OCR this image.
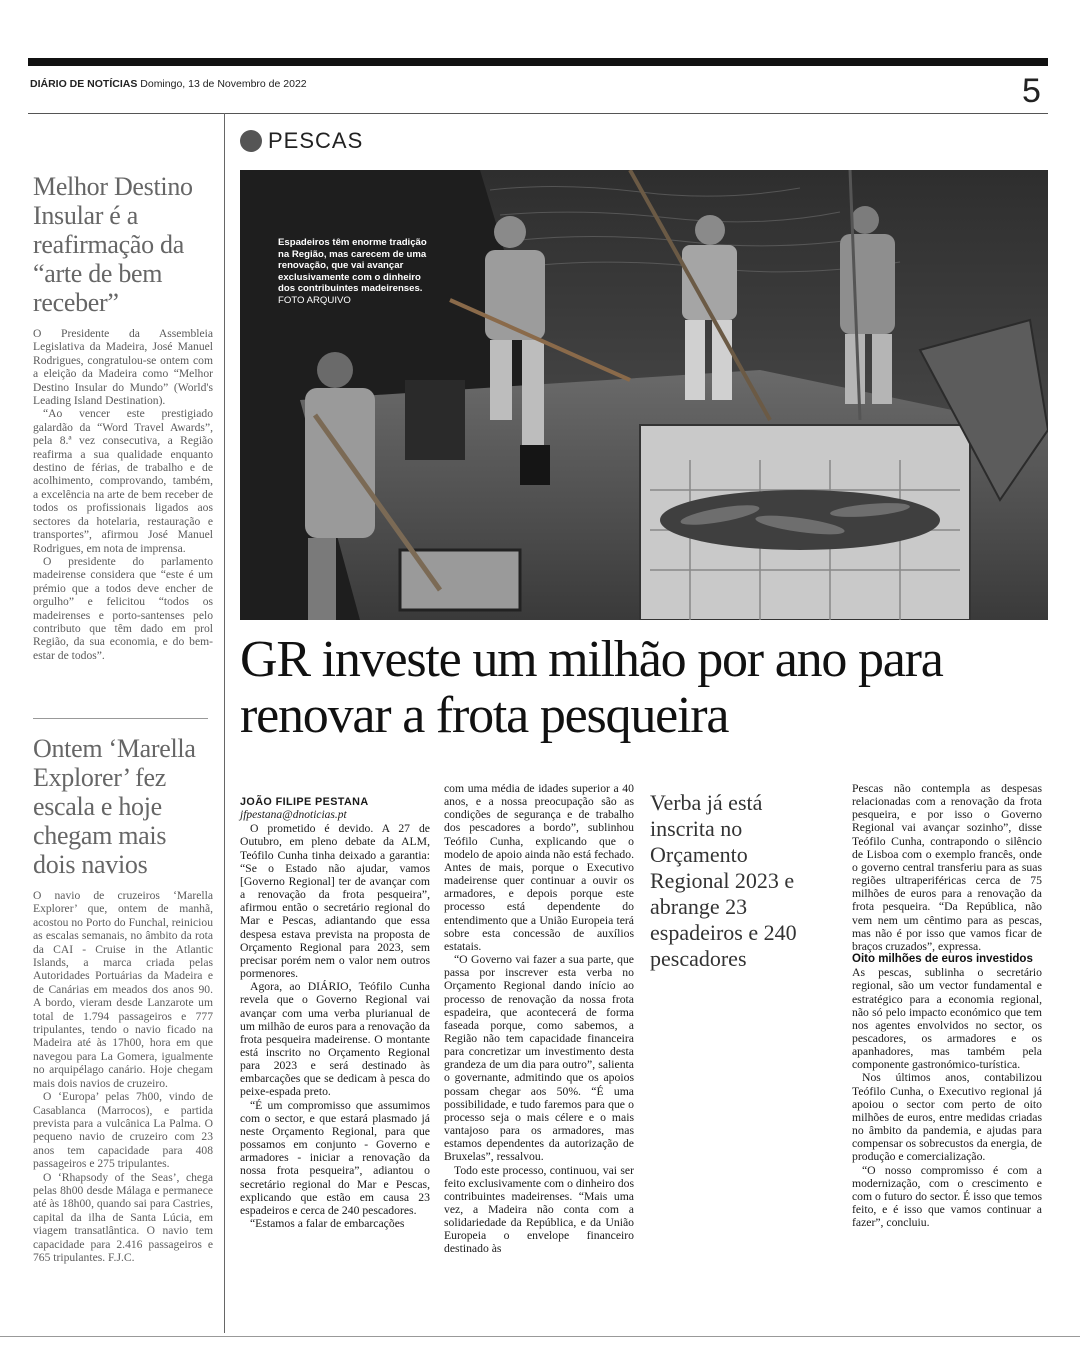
DIÁRIO DE NOTÍCIAS Domingo, 13 de Novembro de 2022	5
Melhor Destino Insular é a reafirmação da “arte de bem receber”

O Presidente da Assembleia Legislativa da Madeira, José Manuel Rodrigues, congratulou-se ontem com a eleição da Madeira como “Melhor Destino Insular do Mundo” (World's Leading Island Destination).

“Ao vencer este prestigiado galardão da “Word Travel Awards”, pela 8.ª vez consecutiva, a Região reafirma a sua qualidade enquanto destino de férias, de trabalho e de acolhimento, comprovando, também, a excelência na arte de bem receber de todos os profissionais ligados aos sectores da hotelaria, restauração e transportes”, afirmou José Manuel Rodrigues, em nota de imprensa.

O presidente do parlamento madeirense considera que “este é um prémio que a todos deve encher de orgulho” e felicitou “todos os madeirenses e porto-santenses pelo contributo que têm dado em prol Região, da sua economia, e do bem-estar de todos”.

Ontem ‘Marella Explorer’ fez escala e hoje chegam mais dois navios

O navio de cruzeiros ‘Marella Explorer’ que, ontem de manhã, acostou no Porto do Funchal, reiniciou as escalas semanais, no âmbito da rota da CAI - Cruise in the Atlantic Islands, a marca criada pelas Autoridades Portuárias da Madeira e de Canárias em meados dos anos 90. A bordo, vieram desde Lanzarote um total de 1.794 passageiros e 777 tripulantes, tendo o navio ficado na Madeira até às 17h00, hora em que navegou para La Gomera, igualmente no arquipélago canário. Hoje chegam mais dois navios de cruzeiro.

O ‘Europa’ pelas 7h00, vindo de Casablanca (Marrocos), e partida prevista para a vulcânica La Palma. O pequeno navio de cruzeiro com 23 anos tem capacidade para 408 passageiros e 275 tripulantes.

O ‘Rhapsody of the Seas’, chega pelas 8h00 desde Málaga e permanece até às 18h00, quando sai para Castries, capital da ilha de Santa Lúcia, em viagem transatlântica. O navio tem capacidade para 2.416 passageiros e 765 tripulantes. F.J.C.

PESCAS
Espadeiros têm enorme tradição na Região, mas carecem de uma renovação, que vai avançar exclusivamente com o dinheiro dos contribuintes madeirenses. FOTO ARQUIVO
GR investe um milhão por ano para renovar a frota pesqueira

JOÃO FILIPE PESTANA

jfpestana@dnoticias.pt

O prometido é devido. A 27 de Outubro, em pleno debate da ALM, Teófilo Cunha tinha deixado a garantia: “Se o Estado não ajudar, vamos [Governo Regional] ter de avançar com a renovação da frota pesqueira”, afirmou então o secretário regional do Mar e Pescas, adiantando que essa despesa estava prevista na proposta de Orçamento Regional para 2023, sem precisar porém nem o valor nem outros pormenores.

Agora, ao DIÁRIO, Teófilo Cunha revela que o Governo Regional vai avançar com uma verba plurianual de um milhão de euros para a renovação da frota pesqueira madeirense. O montante está inscrito no Orçamento Regional para 2023 e será destinado às embarcações que se dedicam à pesca do peixe-espada preto.

“É um compromisso que assumimos com o sector, e que estará plasmado já neste Orçamento Regional, para que possamos em conjunto - Governo e armadores - iniciar a renovação da nossa frota pesqueira”, adiantou o secretário regional do Mar e Pescas, explicando que estão em causa 23 espadeiros e cerca de 240 pescadores.

“Estamos a falar de embarcações

com uma média de idades superior a 40 anos, e a nossa preocupação são as condições de segurança e de trabalho dos pescadores a bordo”, sublinhou Teófilo Cunha, explicando que o modelo de apoio ainda não está fechado. Antes de mais, porque o Executivo madeirense quer continuar a ouvir os armadores, e depois porque este processo está dependente do entendimento que a União Europeia terá sobre esta concessão de auxílios estatais.

“O Governo vai fazer a sua parte, que passa por inscrever esta verba no Orçamento Regional dando início ao processo de renovação da nossa frota espadeira, que acontecerá de forma faseada porque, como sabemos, a Região não tem capacidade financeira para concretizar um investimento desta grandeza de um dia para outro”, salienta o governante, admitindo que os apoios possam chegar aos 50%. “É uma possibilidade, e tudo faremos para que o processo seja o mais célere e o mais vantajoso para os armadores, mas estamos dependentes da autorização de Bruxelas”, ressalvou.

Todo este processo, continuou, vai ser feito exclusivamente com o dinheiro dos contribuintes madeirenses. “Mais uma vez, a Madeira não conta com a solidariedade da República, e da União Europeia o envelope financeiro destinado às

Verba já está inscrita no Orçamento Regional 2023 e abrange 23 espadeiros e 240 pescadores

Pescas não contempla as despesas relacionadas com a renovação da frota pesqueira, e por isso o Governo Regional vai avançar sozinho”, disse Teófilo Cunha, contrapondo o silêncio de Lisboa com o exemplo francês, onde o governo central transferiu para as suas regiões ultraperiféricas cerca de 75 milhões de euros para a renovação da frota pesqueira. “Da República, não vem nem um cêntimo para as pescas, mas não é por isso que vamos ficar de braços cruzados”, expressa.

Oito milhões de euros investidos

As pescas, sublinha o secretário regional, são um vector fundamental e estratégico para a economia regional, não só pelo impacto económico que tem nos agentes envolvidos no sector, os pescadores, os armadores e os apanhadores, mas também pela componente gastronómico-turística.

Nos últimos anos, contabilizou Teófilo Cunha, o Executivo regional já apoiou o sector com perto de oito milhões de euros, entre medidas criadas no âmbito da pandemia, e ajudas para compensar os sobrecustos da energia, de produção e comercialização.

“O nosso compromisso é com a modernização, com o crescimento e com o futuro do sector. É isso que temos feito, e é isso que vamos continuar a fazer”, concluiu.
